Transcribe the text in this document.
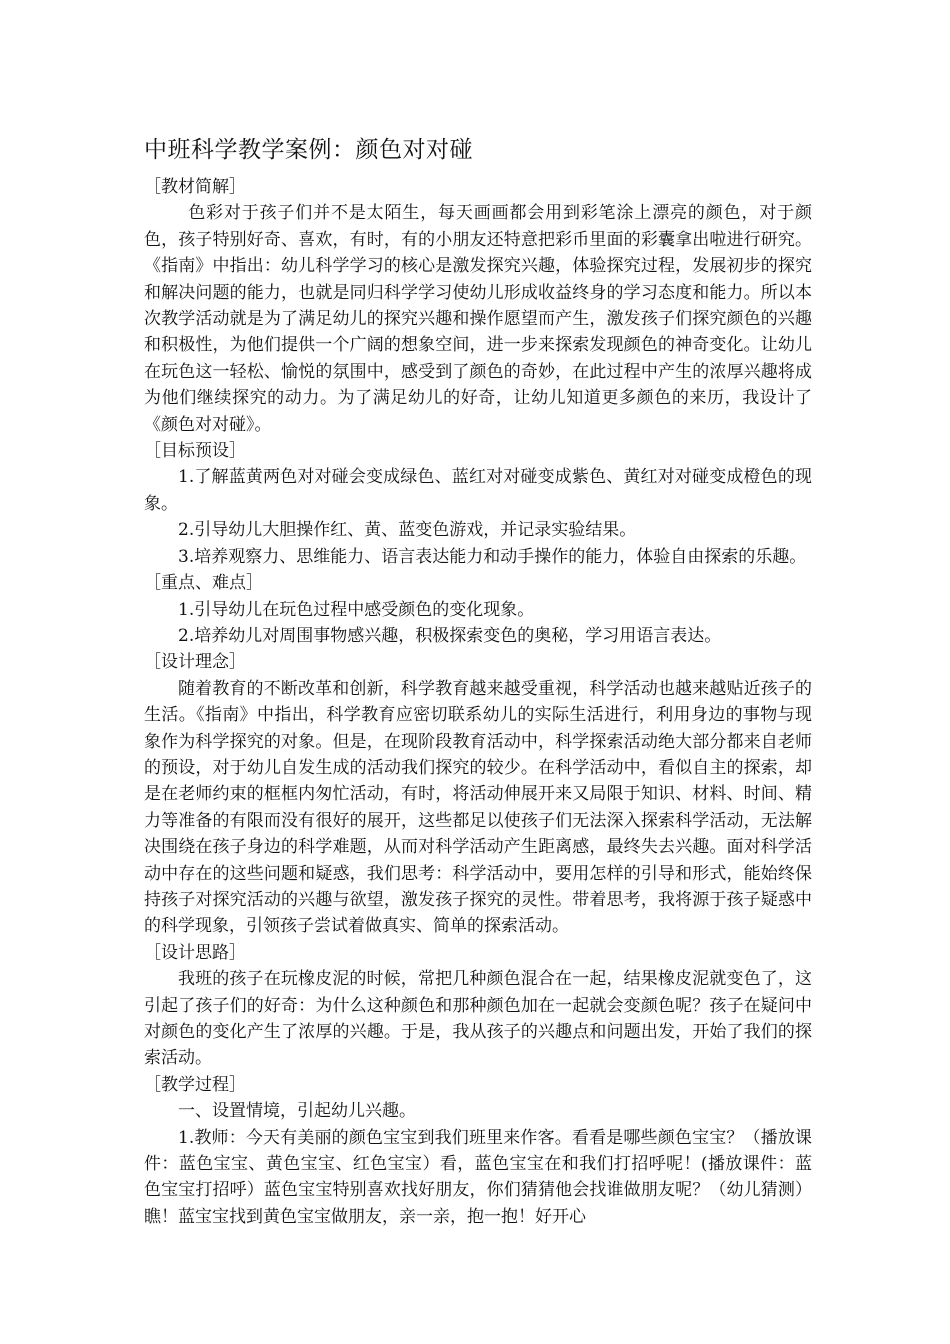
中班科学教学案例：颜色对对碰
［教材简解］

色彩对于孩子们并不是太陌生，每天画画都会用到彩笔涂上漂亮的颜色，对于颜色，孩子特别好奇、喜欢，有时，有的小朋友还特意把彩币里面的彩囊拿出啦进行研究。《指南》中指出：幼儿科学学习的核心是激发探究兴趣，体验探究过程，发展初步的探究和解决问题的能力，也就是同归科学学习使幼儿形成收益终身的学习态度和能力。所以本次教学活动就是为了满足幼儿的探究兴趣和操作愿望而产生，激发孩子们探究颜色的兴趣和积极性，为他们提供一个广阔的想象空间，进一步来探索发现颜色的神奇变化。让幼儿在玩色这一轻松、愉悦的氛围中，感受到了颜色的奇妙，在此过程中产生的浓厚兴趣将成为他们继续探究的动力。为了满足幼儿的好奇，让幼儿知道更多颜色的来历，我设计了《颜色对对碰》。

［目标预设］

1.了解蓝黄两色对对碰会变成绿色、蓝红对对碰变成紫色、黄红对对碰变成橙色的现象。

2.引导幼儿大胆操作红、黄、蓝变色游戏，并记录实验结果。

3.培养观察力、思维能力、语言表达能力和动手操作的能力，体验自由探索的乐趣。

［重点、难点］

1.引导幼儿在玩色过程中感受颜色的变化现象。

2.培养幼儿对周围事物感兴趣，积极探索变色的奥秘，学习用语言表达。

［设计理念］

随着教育的不断改革和创新，科学教育越来越受重视，科学活动也越来越贴近孩子的生活。《指南》中指出，科学教育应密切联系幼儿的实际生活进行，利用身边的事物与现象作为科学探究的对象。但是，在现阶段教育活动中，科学探索活动绝大部分都来自老师的预设，对于幼儿自发生成的活动我们探究的较少。在科学活动中，看似自主的探索，却是在老师约束的框框内匆忙活动，有时，将活动伸展开来又局限于知识、材料、时间、精力等准备的有限而没有很好的展开，这些都足以使孩子们无法深入探索科学活动，无法解决围绕在孩子身边的科学难题，从而对科学活动产生距离感，最终失去兴趣。面对科学活动中存在的这些问题和疑惑，我们思考：科学活动中，要用怎样的引导和形式，能始终保持孩子对探究活动的兴趣与欲望，激发孩子探究的灵性。带着思考，我将源于孩子疑惑中的科学现象，引领孩子尝试着做真实、简单的探索活动。

［设计思路］

我班的孩子在玩橡皮泥的时候，常把几种颜色混合在一起，结果橡皮泥就变色了，这引起了孩子们的好奇：为什么这种颜色和那种颜色加在一起就会变颜色呢？孩子在疑问中对颜色的变化产生了浓厚的兴趣。于是，我从孩子的兴趣点和问题出发，开始了我们的探索活动。

［教学过程］

一、设置情境，引起幼儿兴趣。

1.教师：今天有美丽的颜色宝宝到我们班里来作客。看看是哪些颜色宝宝？（播放课件：蓝色宝宝、黄色宝宝、红色宝宝）看，蓝色宝宝在和我们打招呼呢！(播放课件：蓝色宝宝打招呼）蓝色宝宝特别喜欢找好朋友，你们猜猜他会找谁做朋友呢？（幼儿猜测）瞧！蓝宝宝找到黄色宝宝做朋友，亲一亲，抱一抱！好开心
